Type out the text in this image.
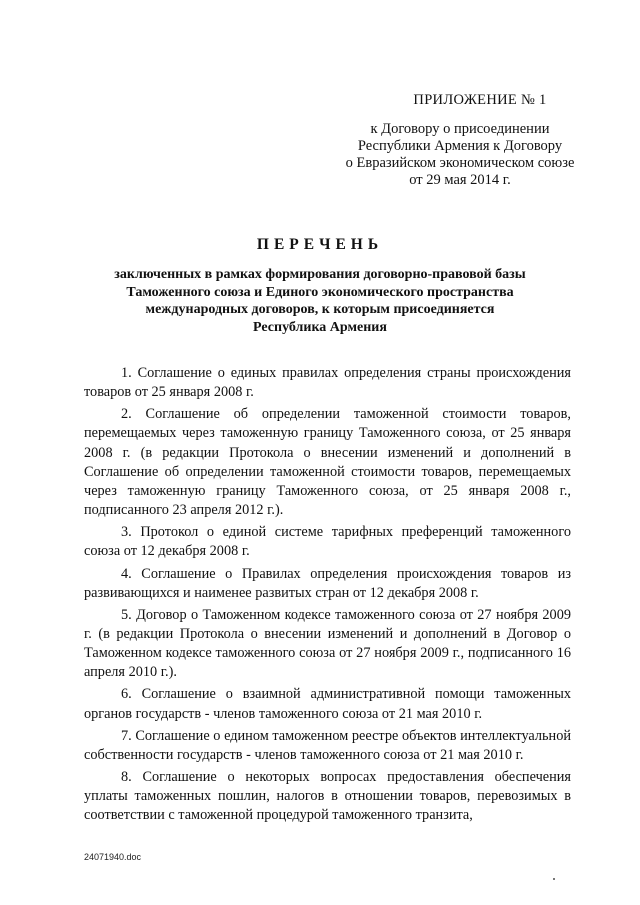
ПРИЛОЖЕНИЕ № 1
к Договору о присоединении
Республики Армения к Договору
о Евразийском экономическом союзе
от 29 мая 2014 г.
ПЕРЕЧЕНЬ
заключенных в рамках формирования договорно-правовой базы
Таможенного союза и Единого экономического пространства
международных договоров, к которым присоединяется
Республика Армения

1. Соглашение о единых правилах определения страны происхождения товаров от 25 января 2008 г.

2. Соглашение об определении таможенной стоимости товаров, перемещаемых через таможенную границу Таможенного союза, от 25 января 2008 г. (в редакции Протокола о внесении изменений и дополнений в Соглашение об определении таможенной стоимости товаров, перемещаемых через таможенную границу Таможенного союза, от 25 января 2008 г., подписанного 23 апреля 2012 г.).

3. Протокол о единой системе тарифных преференций таможенного союза от 12 декабря 2008 г.

4. Соглашение о Правилах определения происхождения товаров из развивающихся и наименее развитых стран от 12 декабря 2008 г.

5. Договор о Таможенном кодексе таможенного союза от 27 ноября 2009 г. (в редакции Протокола о внесении изменений и дополнений в Договор о Таможенном кодексе таможенного союза от 27 ноября 2009 г., подписанного 16 апреля 2010 г.).

6. Соглашение о взаимной административной помощи таможенных органов государств - членов таможенного союза от 21 мая 2010 г.

7. Соглашение о едином таможенном реестре объектов интеллектуальной собственности государств - членов таможенного союза от 21 мая 2010 г.

8. Соглашение о некоторых вопросах предоставления обеспечения уплаты таможенных пошлин, налогов в отношении товаров, перевозимых в соответствии с таможенной процедурой таможенного транзита,

24071940.doc
